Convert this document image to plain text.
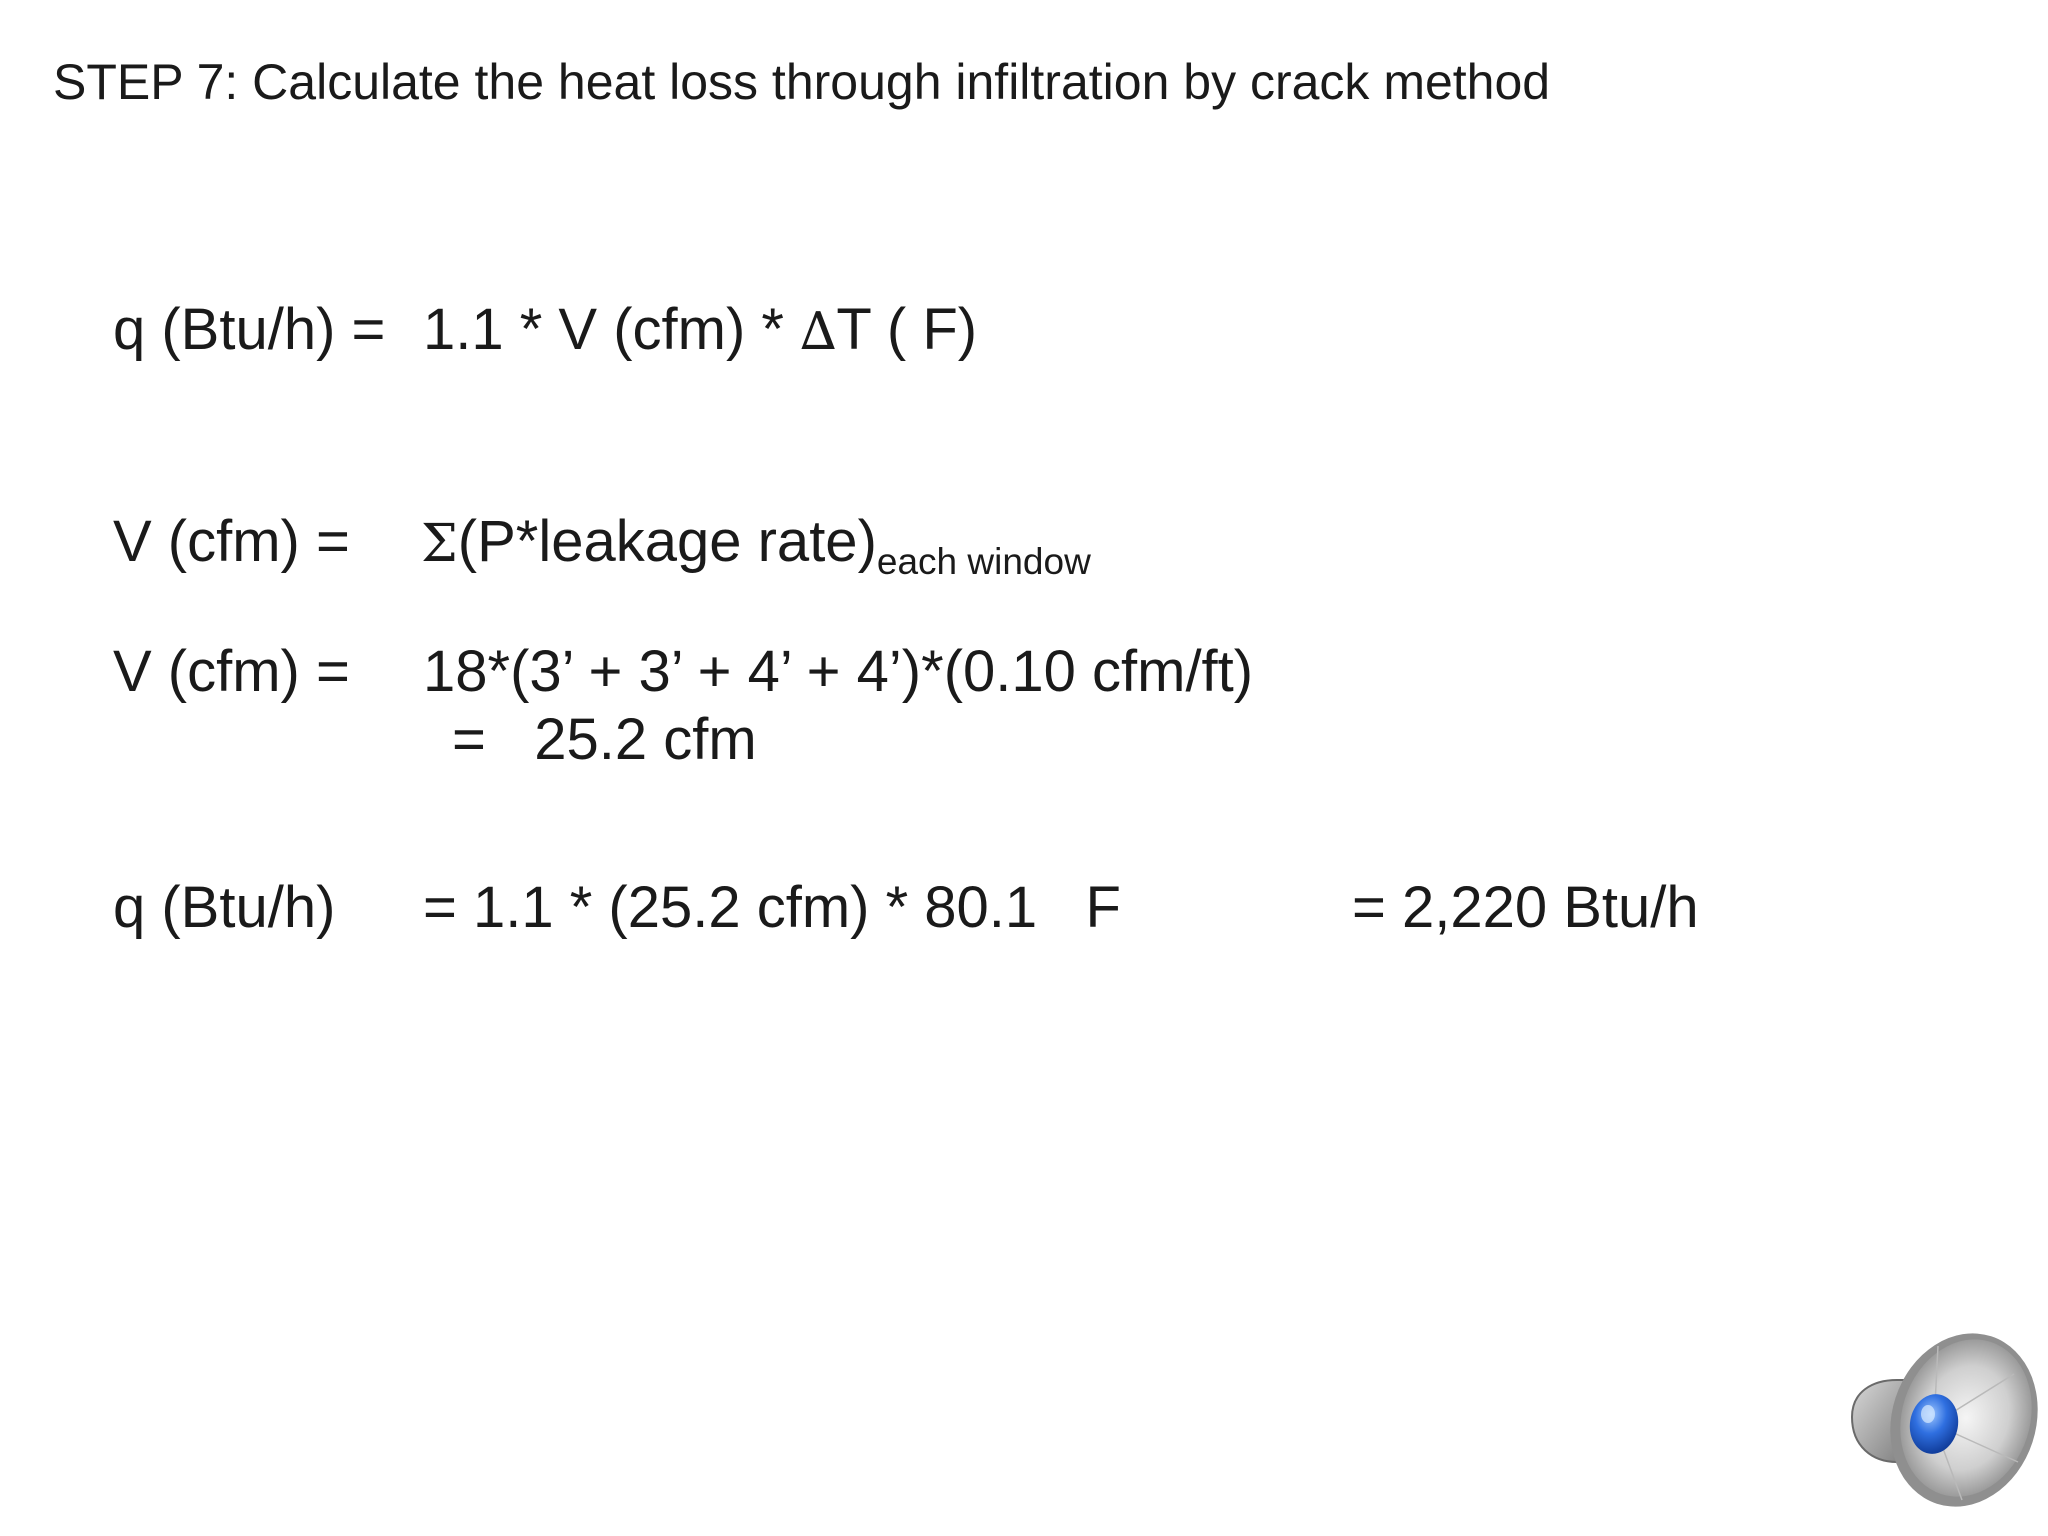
STEP 7: Calculate the heat loss through infiltration by crack method
q (Btu/h) = 1.1 * V (cfm) * ∆T ( F)
V (cfm) = Σ(P*leakage $rate)_{each window}$
V (cfm) = 18*(3’ + 3’ + 4’ + 4’)*(0.10 cfm/ft)
=   25.2 cfm
q (Btu/h) = 1.1 * (25.2 cfm) * 80.1   F	= 2,220 Btu/h
